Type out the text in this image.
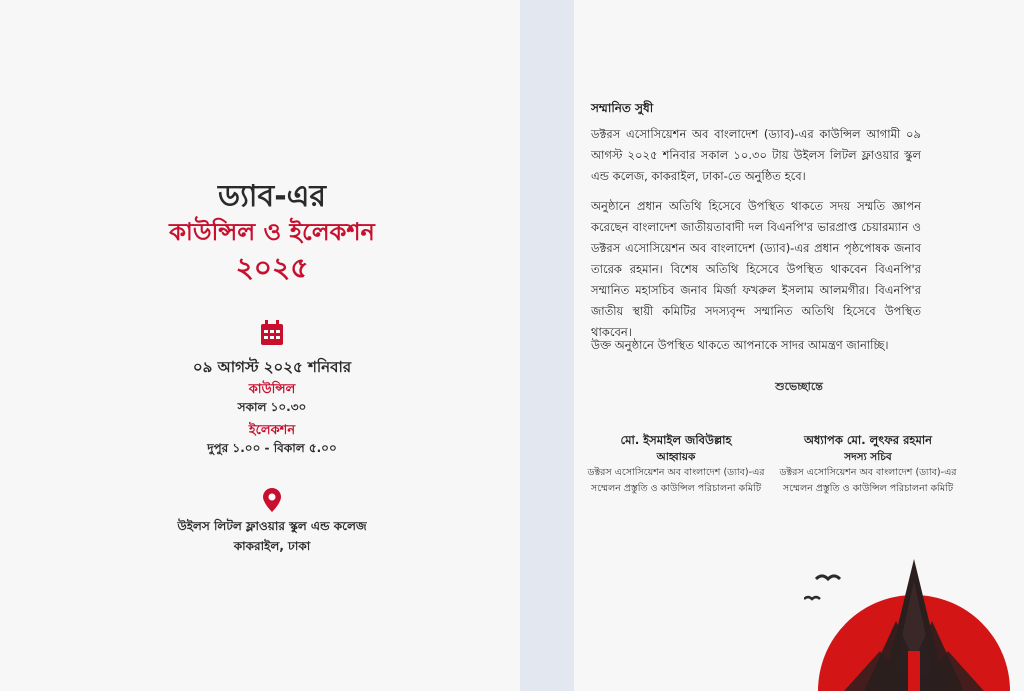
ড্যাব-এর
কাউন্সিল ও ইলেকশন
২০২৫
০৯ আগস্ট ২০২৫ শনিবার
কাউন্সিল
সকাল ১০.৩০
ইলেকশন
দুপুর ১.০০ - বিকাল ৫.০০
উইলস লিটল ফ্লাওয়ার স্কুল এন্ড কলেজ
কাকরাইল, ঢাকা
সম্মানিত সুধী
ডক্টরস এসোসিয়েশন অব বাংলাদেশ (ড্যাব)-এর কাউন্সিল আগামী ০৯ আগস্ট ২০২৫ শনিবার সকাল ১০.৩০ টায় উইলস লিটল ফ্লাওয়ার স্কুল এন্ড কলেজ, কাকরাইল, ঢাকা-তে অনুষ্ঠিত হবে।
অনুষ্ঠানে প্রধান অতিথি হিসেবে উপস্থিত থাকতে সদয় সম্মতি জ্ঞাপন করেছেন বাংলাদেশ জাতীয়তাবাদী দল বিএনপি'র ভারপ্রাপ্ত চেয়ারম্যান ও ডক্টরস এসোসিয়েশন অব বাংলাদেশ (ড্যাব)-এর প্রধান পৃষ্ঠপোষক জনাব তারেক রহমান। বিশেষ অতিথি হিসেবে উপস্থিত থাকবেন বিএনপি'র সম্মানিত মহাসচিব জনাব মির্জা ফখরুল ইসলাম আলমগীর। বিএনপি'র জাতীয় স্থায়ী কমিটির সদস্যবৃন্দ সম্মানিত অতিথি হিসেবে উপস্থিত থাকবেন।
উক্ত অনুষ্ঠানে উপস্থিত থাকতে আপনাকে সাদর আমন্ত্রণ জানাচ্ছি।
শুভেচ্ছান্তে
মো. ইসমাইল জবিউল্লাহ
আহ্বায়ক
ডক্টরস এসোসিয়েশন অব বাংলাদেশ (ড্যাব)-এর
সম্মেলন প্রস্তুতি ও কাউন্সিল পরিচালনা কমিটি
অধ্যাপক মো. লুৎফর রহমান
সদস্য সচিব
ডক্টরস এসোসিয়েশন অব বাংলাদেশ (ড্যাব)-এর
সম্মেলন প্রস্তুতি ও কাউন্সিল পরিচালনা কমিটি
